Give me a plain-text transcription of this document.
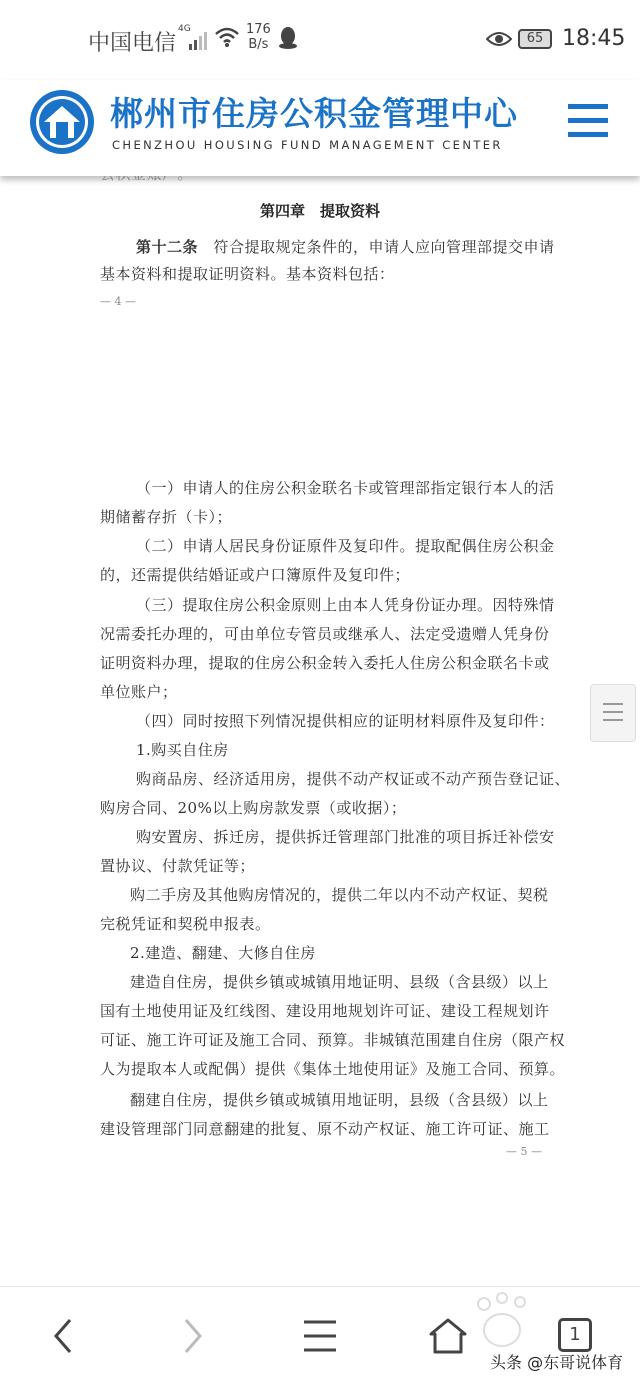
中国电信
4G	176
B/s	65 18:45
郴州市住房公积金管理中心
CHENZHOU HOUSING FUND MANAGEMENT CENTER
第四章　提取资料
第十二条　 符合提取规定条件的，申请人应向管理部提交申请
基本资料和提取证明资料。基本资料包括：
— 4 —
（一）申请人的住房公积金联名卡或管理部指定银行本人的活
期储蓄存折（卡）；
（二）申请人居民身份证原件及复印件。提取配偶住房公积金
的，还需提供结婚证或户口簿原件及复印件；
（三）提取住房公积金原则上由本人凭身份证办理。因特殊情
况需委托办理的，可由单位专管员或继承人、法定受遗赠人凭身份
证明资料办理，提取的住房公积金转入委托人住房公积金联名卡或
单位账户；
（四）同时按照下列情况提供相应的证明材料原件及复印件：
1.购买自住房
购商品房、经济适用房，提供不动产权证或不动产预告登记证、
购房合同、20%以上购房款发票（或收据）；
购安置房、拆迁房，提供拆迁管理部门批准的项目拆迁补偿安
置协议、付款凭证等；
购二手房及其他购房情况的，提供二年以内不动产权证、契税
完税凭证和契税申报表。
2.建造、翻建、大修自住房
建造自住房，提供乡镇或城镇用地证明、县级（含县级）以上
国有土地使用证及红线图、建设用地规划许可证、建设工程规划许
可证、施工许可证及施工合同、预算。非城镇范围建自住房（限产权
人为提取本人或配偶）提供《集体土地使用证》及施工合同、预算。
翻建自住房，提供乡镇或城镇用地证明，县级（含县级）以上
建设管理部门同意翻建的批复、原不动产权证、施工许可证、施工
— 5 —
1
头条 @东哥说体育
